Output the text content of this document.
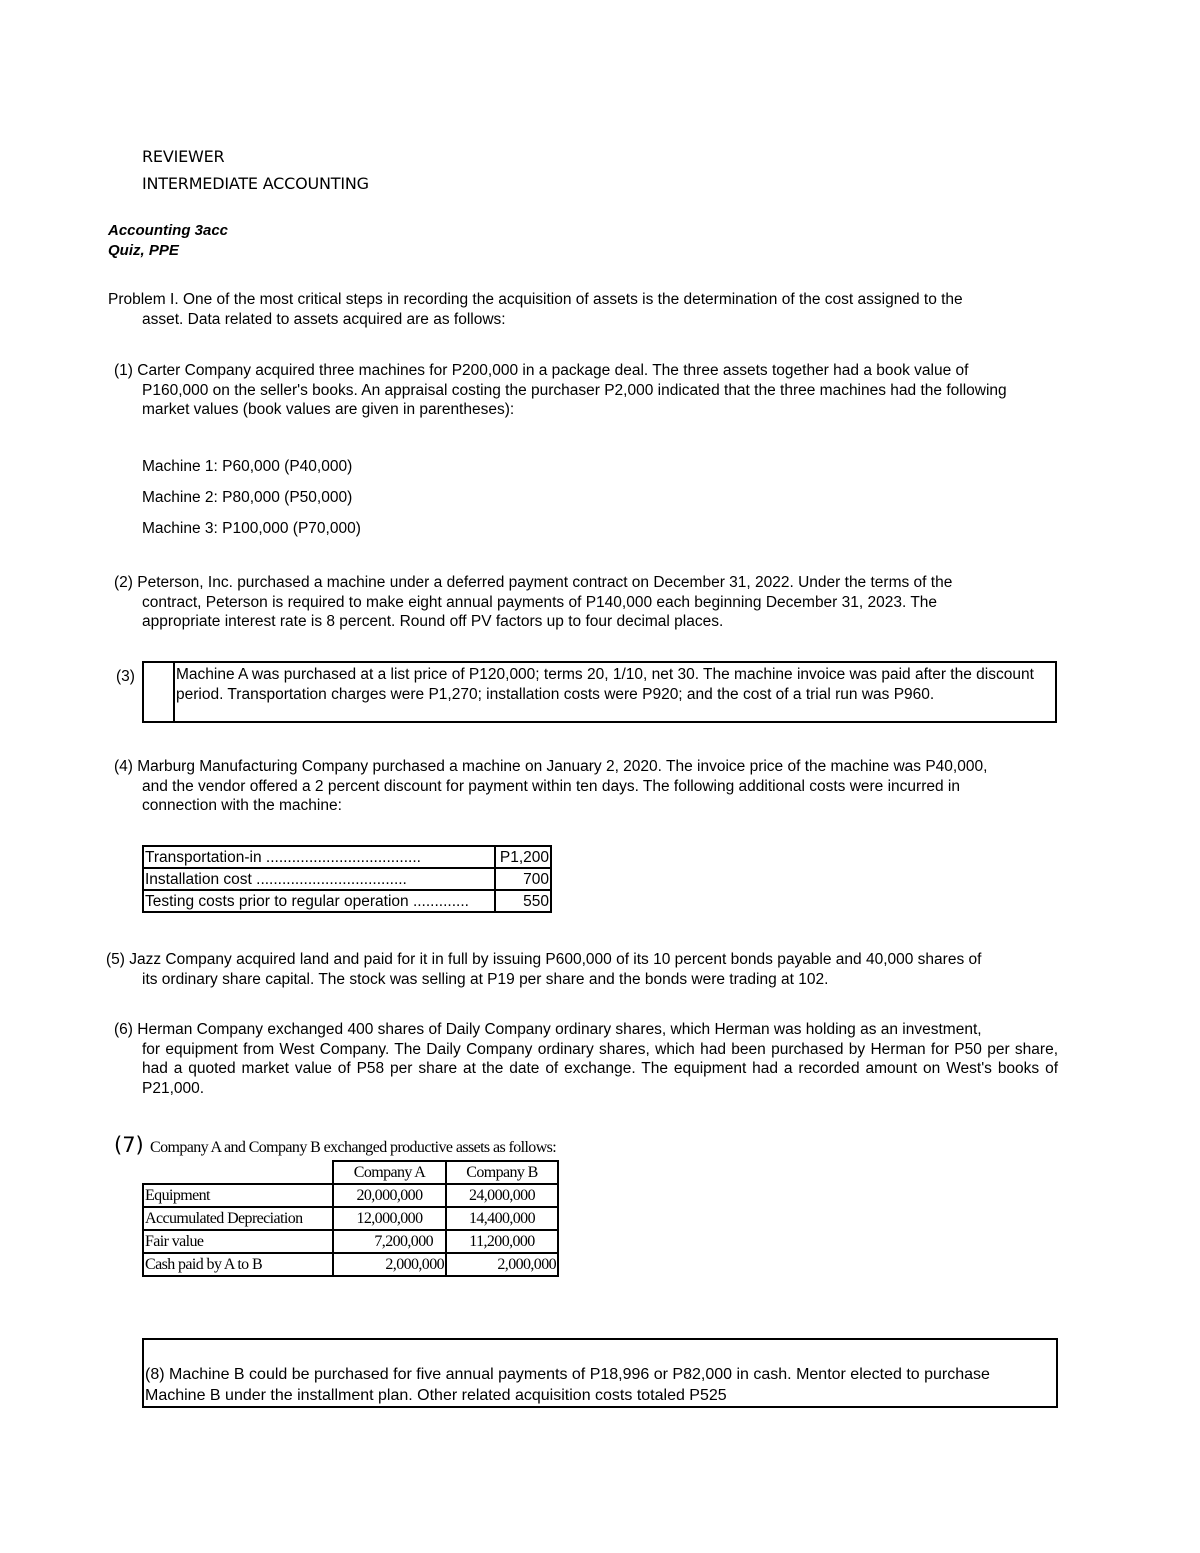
REVIEWER
INTERMEDIATE ACCOUNTING
Accounting 3acc
Quiz, PPE
Problem I. One of the most critical steps in recording the acquisition of assets is the determination of the cost assigned to the
asset. Data related to assets acquired are as follows:
(1) Carter Company acquired three machines for P200,000 in a package deal. The three assets together had a book value of
P160,000 on the seller's books. An appraisal costing the purchaser P2,000 indicated that the three machines had the following market values (book values are given in parentheses):
Machine 1: P60,000 (P40,000)
Machine 2: P80,000 (P50,000)
Machine 3: P100,000 (P70,000)
(2) Peterson, Inc. purchased a machine under a deferred payment contract on December 31, 2022. Under the terms of the
contract, Peterson is required to make eight annual payments of P140,000 each beginning December 31, 2023. The appropriate interest rate is 8 percent. Round off PV factors up to four decimal places.
(3)	Machine A was purchased at a list price of P120,000; terms 20, 1/10, net 30. The machine invoice was paid after the discount period. Transportation charges were P1,270; installation costs were P920; and the cost of a trial run was P960.
(4) Marburg Manufacturing Company purchased a machine on January 2, 2020. The invoice price of the machine was P40,000,
and the vendor offered a 2 percent discount for payment within ten days. The following additional costs were incurred in connection with the machine:
Transportation-in ....................................	P1,200
Installation cost ...................................	700
Testing costs prior to regular operation .............	550
(5) Jazz Company acquired land and paid for it in full by issuing P600,000 of its 10 percent bonds payable and 40,000 shares of
its ordinary share capital. The stock was selling at P19 per share and the bonds were trading at 102.
(6) Herman Company exchanged 400 shares of Daily Company ordinary shares, which Herman was holding as an investment,
for equipment from West Company. The Daily Company ordinary shares, which had been purchased by Herman for P50 per share, had a quoted market value of P58 per share at the date of exchange. The equipment had a recorded amount on West's books of P21,000.
(7) Company A and Company B exchanged productive assets as follows:
	Company A	Company B
Equipment	20,000,000	24,000,000
Accumulated Depreciation	12,000,000	14,400,000
Fair value	7,200,000	11,200,000
Cash paid by A to B	2,000,000	2,000,000
(8) Machine B could be purchased for five annual payments of P18,996 or P82,000 in cash. Mentor elected to purchase Machine B under the installment plan. Other related acquisition costs totaled P525
